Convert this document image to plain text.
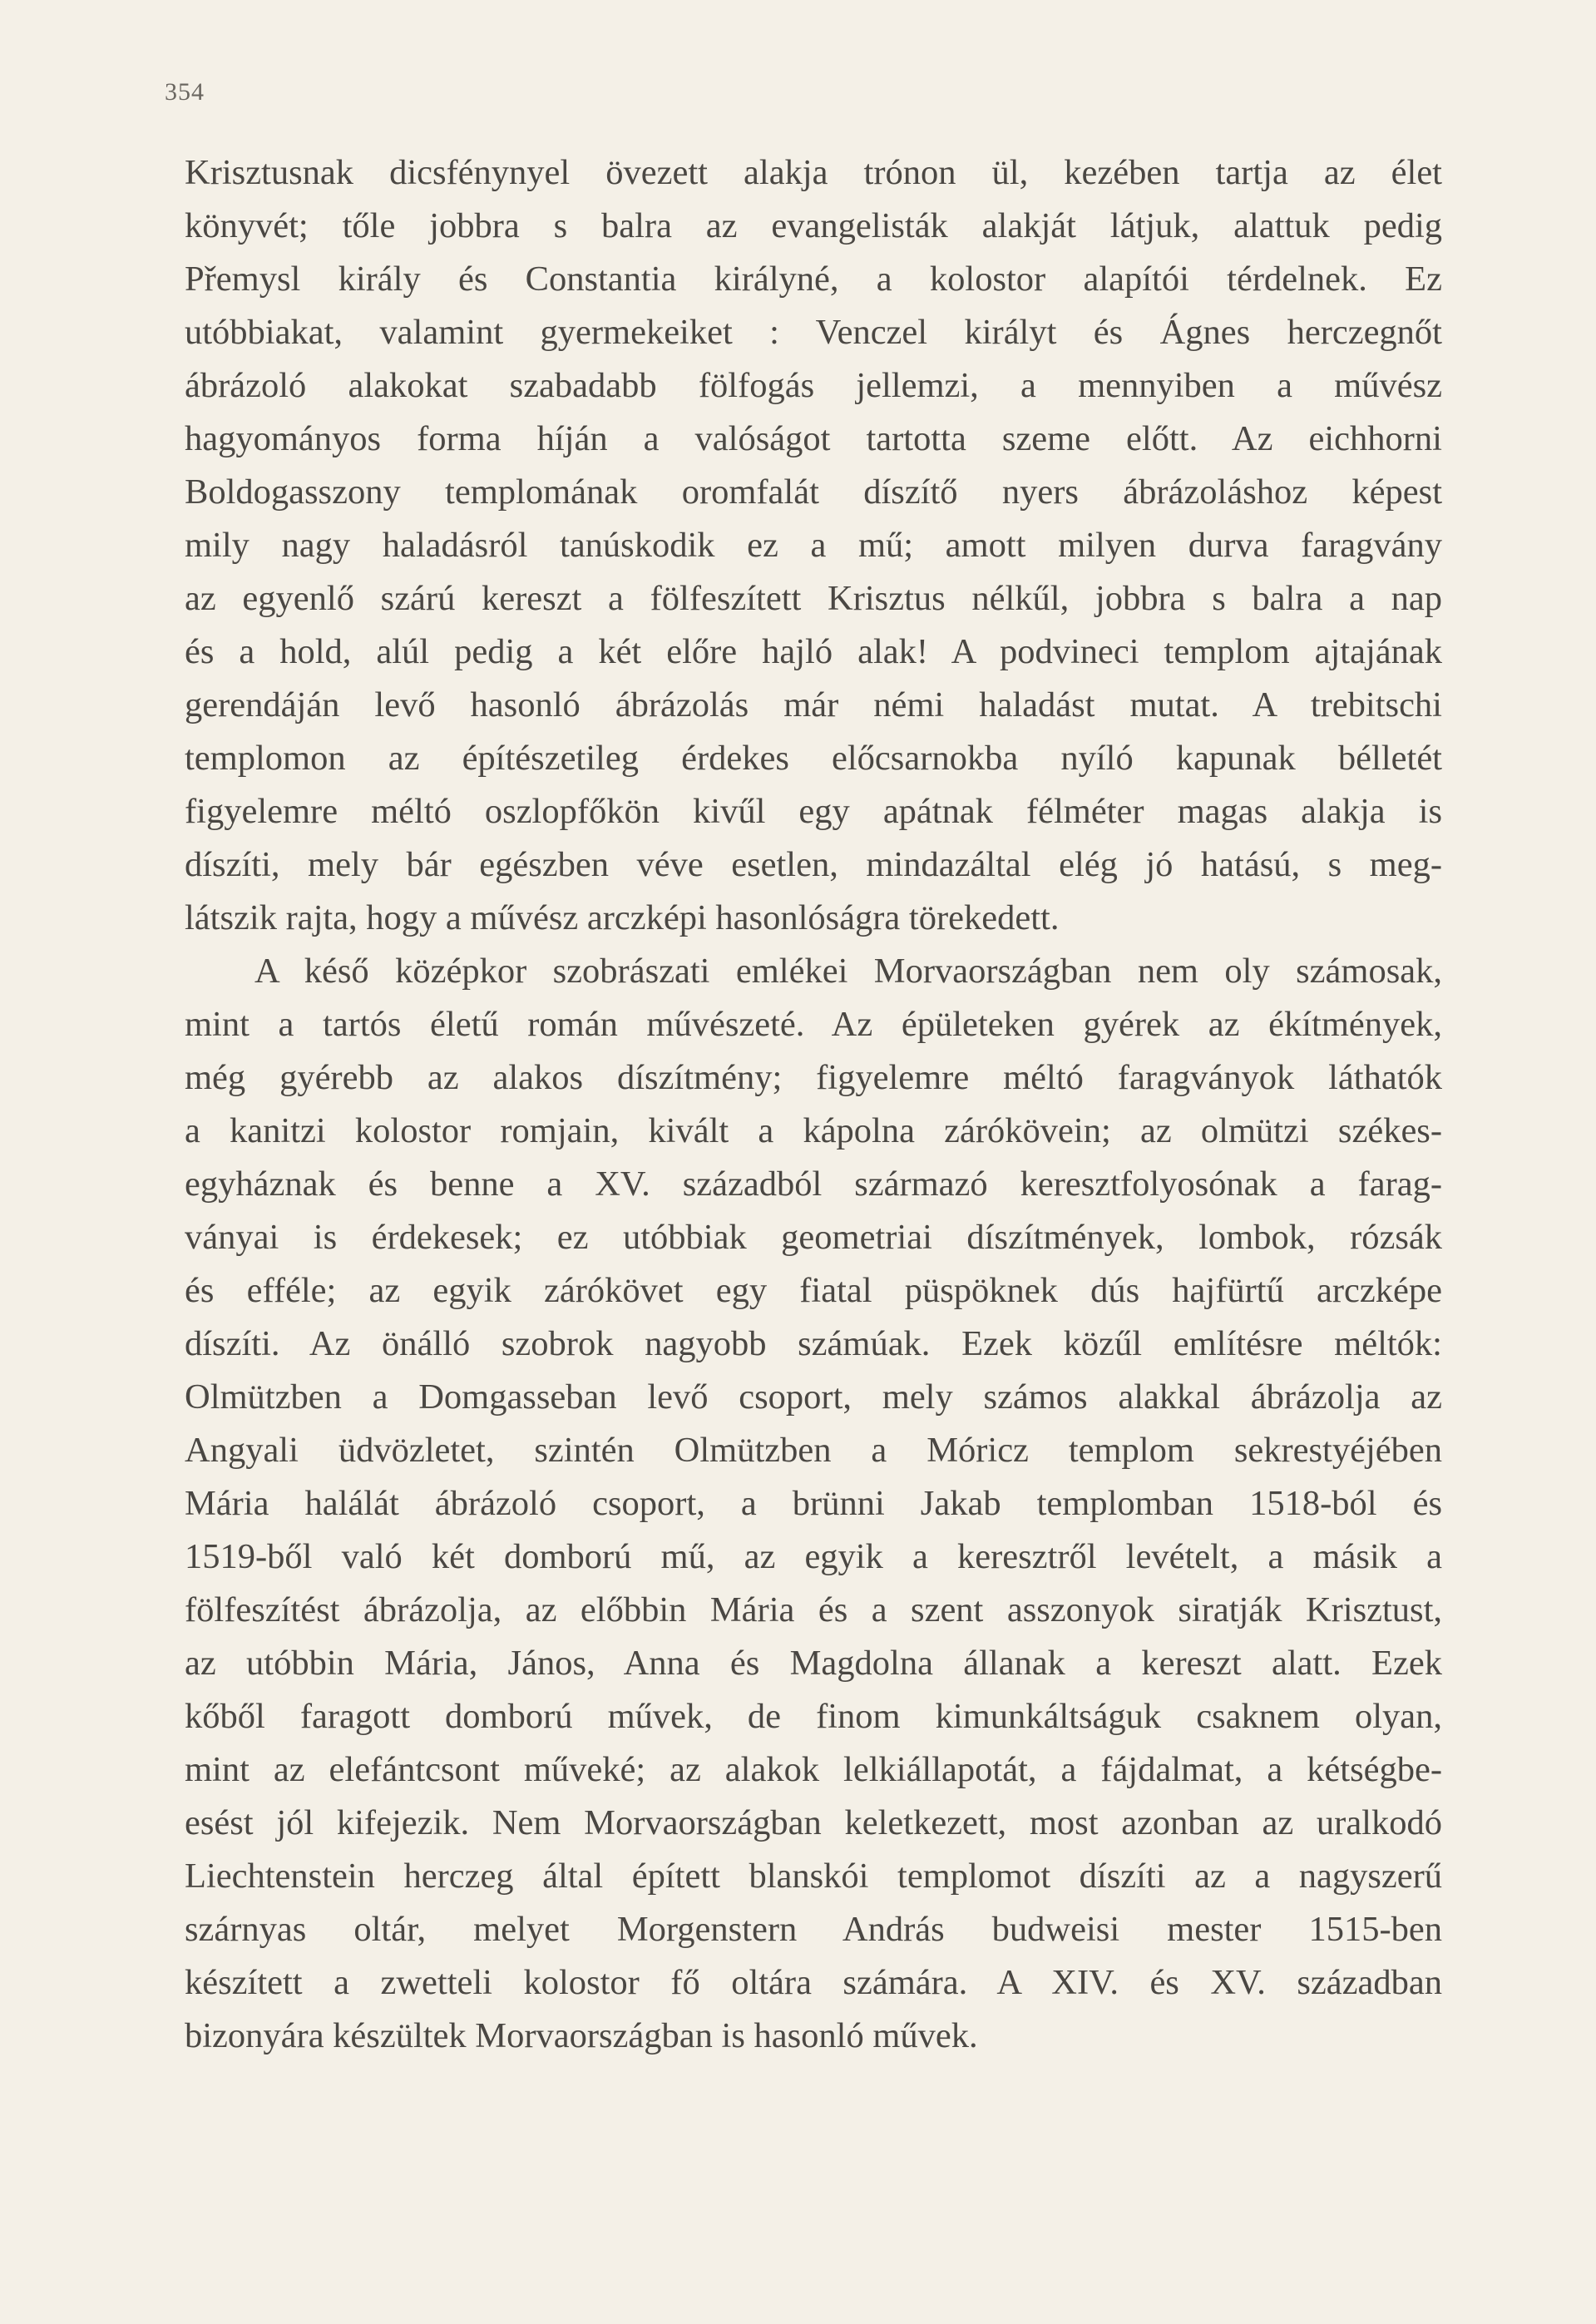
354
Krisztusnak dicsfénynyel övezett alakja trónon ül, kezében tartja az élet
könyvét; tőle jobbra s balra az evangelisták alakját látjuk, alattuk pedig
Přemysl király és Constantia királyné, a kolostor alapítói térdelnek. Ez
utóbbiakat, valamint gyermekeiket : Venczel királyt és Ágnes herczegnőt
ábrázoló alakokat szabadabb fölfogás jellemzi, a mennyiben a művész
hagyományos forma híján a valóságot tartotta szeme előtt. Az eichhorni
Boldogasszony templomának oromfalát díszítő nyers ábrázoláshoz képest
mily nagy haladásról tanúskodik ez a mű; amott milyen durva faragvány
az egyenlő szárú kereszt a fölfeszített Krisztus nélkűl, jobbra s balra a nap
és a hold, alúl pedig a két előre hajló alak! A podvineci templom ajtajának
gerendáján levő hasonló ábrázolás már némi haladást mutat. A trebitschi
templomon az építészetileg érdekes előcsarnokba nyíló kapunak bélletét
figyelemre méltó oszlopfőkön kivűl egy apátnak félméter magas alakja is
díszíti, mely bár egészben véve esetlen, mindazáltal elég jó hatású, s meg-
látszik rajta, hogy a művész arczképi hasonlóságra törekedett.
A késő középkor szobrászati emlékei Morvaországban nem oly számosak,
mint a tartós életű román művészeté. Az épületeken gyérek az ékítmények,
még gyérebb az alakos díszítmény; figyelemre méltó faragványok láthatók
a kanitzi kolostor romjain, kivált a kápolna zárókövein; az olmützi székes-
egyháznak és benne a XV. századból származó keresztfolyosónak a farag-
ványai is érdekesek; ez utóbbiak geometriai díszítmények, lombok, rózsák
és efféle; az egyik zárókövet egy fiatal püspöknek dús hajfürtű arczképe
díszíti. Az önálló szobrok nagyobb számúak. Ezek közűl említésre méltók:
Olmützben a Domgasseban levő csoport, mely számos alakkal ábrázolja az
Angyali üdvözletet, szintén Olmützben a Móricz templom sekrestyéjében
Mária halálát ábrázoló csoport, a brünni Jakab templomban 1518-ból és
1519-ből való két domború mű, az egyik a keresztről levételt, a másik a
fölfeszítést ábrázolja, az előbbin Mária és a szent asszonyok siratják Krisztust,
az utóbbin Mária, János, Anna és Magdolna állanak a kereszt alatt. Ezek
kőből faragott domború művek, de finom kimunkáltságuk csaknem olyan,
mint az elefántcsont műveké; az alakok lelkiállapotát, a fájdalmat, a kétségbe-
esést jól kifejezik. Nem Morvaországban keletkezett, most azonban az uralkodó
Liechtenstein herczeg által épített blanskói templomot díszíti az a nagyszerű
szárnyas oltár, melyet Morgenstern András budweisi mester 1515-ben
készített a zwetteli kolostor fő oltára számára. A XIV. és XV. században
bizonyára készültek Morvaországban is hasonló művek.
